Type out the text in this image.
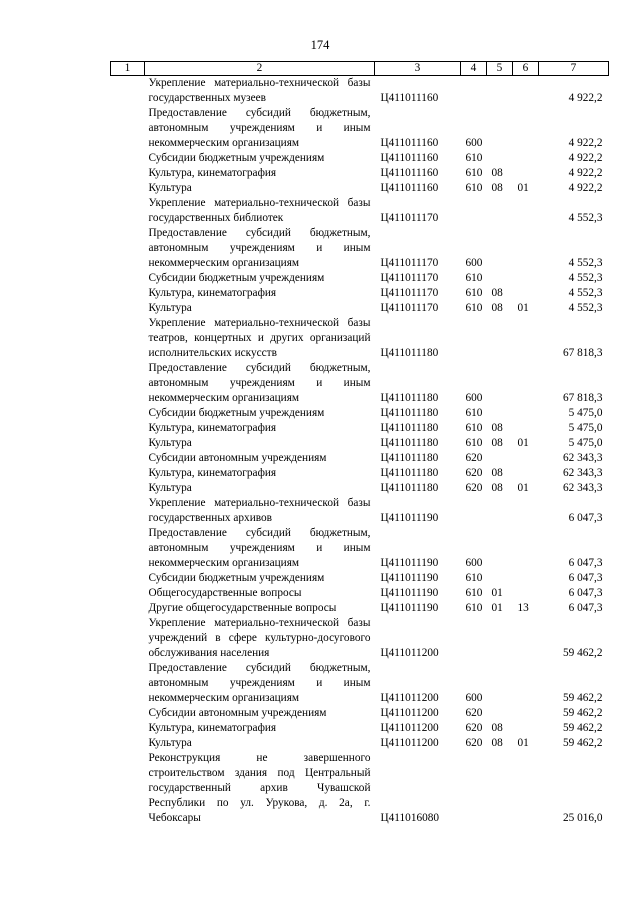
174
1	2	3	4	5	6	7
	Укрепление материально-технической базы государственных музеев	Ц411011160				4 922,2
	Предоставление субсидий бюджетным, автономным учреждениям и иным некоммерческим организациям	Ц411011160	600			4 922,2
	Субсидии бюджетным учреждениям	Ц411011160	610			4 922,2
	Культура, кинематография	Ц411011160	610	08		4 922,2
	Культура	Ц411011160	610	08	01	4 922,2
	Укрепление материально-технической базы государственных библиотек	Ц411011170				4 552,3
	Предоставление субсидий бюджетным, автономным учреждениям и иным некоммерческим организациям	Ц411011170	600			4 552,3
	Субсидии бюджетным учреждениям	Ц411011170	610			4 552,3
	Культура, кинематография	Ц411011170	610	08		4 552,3
	Культура	Ц411011170	610	08	01	4 552,3
	Укрепление материально-технической базы театров, концертных и других организаций исполнительских искусств	Ц411011180				67 818,3
	Предоставление субсидий бюджетным, автономным учреждениям и иным некоммерческим организациям	Ц411011180	600			67 818,3
	Субсидии бюджетным учреждениям	Ц411011180	610			5 475,0
	Культура, кинематография	Ц411011180	610	08		5 475,0
	Культура	Ц411011180	610	08	01	5 475,0
	Субсидии автономным учреждениям	Ц411011180	620			62 343,3
	Культура, кинематография	Ц411011180	620	08		62 343,3
	Культура	Ц411011180	620	08	01	62 343,3
	Укрепление материально-технической базы государственных архивов	Ц411011190				6 047,3
	Предоставление субсидий бюджетным, автономным учреждениям и иным некоммерческим организациям	Ц411011190	600			6 047,3
	Субсидии бюджетным учреждениям	Ц411011190	610			6 047,3
	Общегосударственные вопросы	Ц411011190	610	01		6 047,3
	Другие общегосударственные вопросы	Ц411011190	610	01	13	6 047,3
	Укрепление материально-технической базы учреждений в сфере культурно-досугового обслуживания населения	Ц411011200				59 462,2
	Предоставление субсидий бюджетным, автономным учреждениям и иным некоммерческим организациям	Ц411011200	600			59 462,2
	Субсидии автономным учреждениям	Ц411011200	620			59 462,2
	Культура, кинематография	Ц411011200	620	08		59 462,2
	Культура	Ц411011200	620	08	01	59 462,2
	Реконструкция не завершенного строительством здания под Центральный государственный архив Чувашской Республики по ул. Урукова, д. 2а, г. Чебоксары	Ц411016080				25 016,0
